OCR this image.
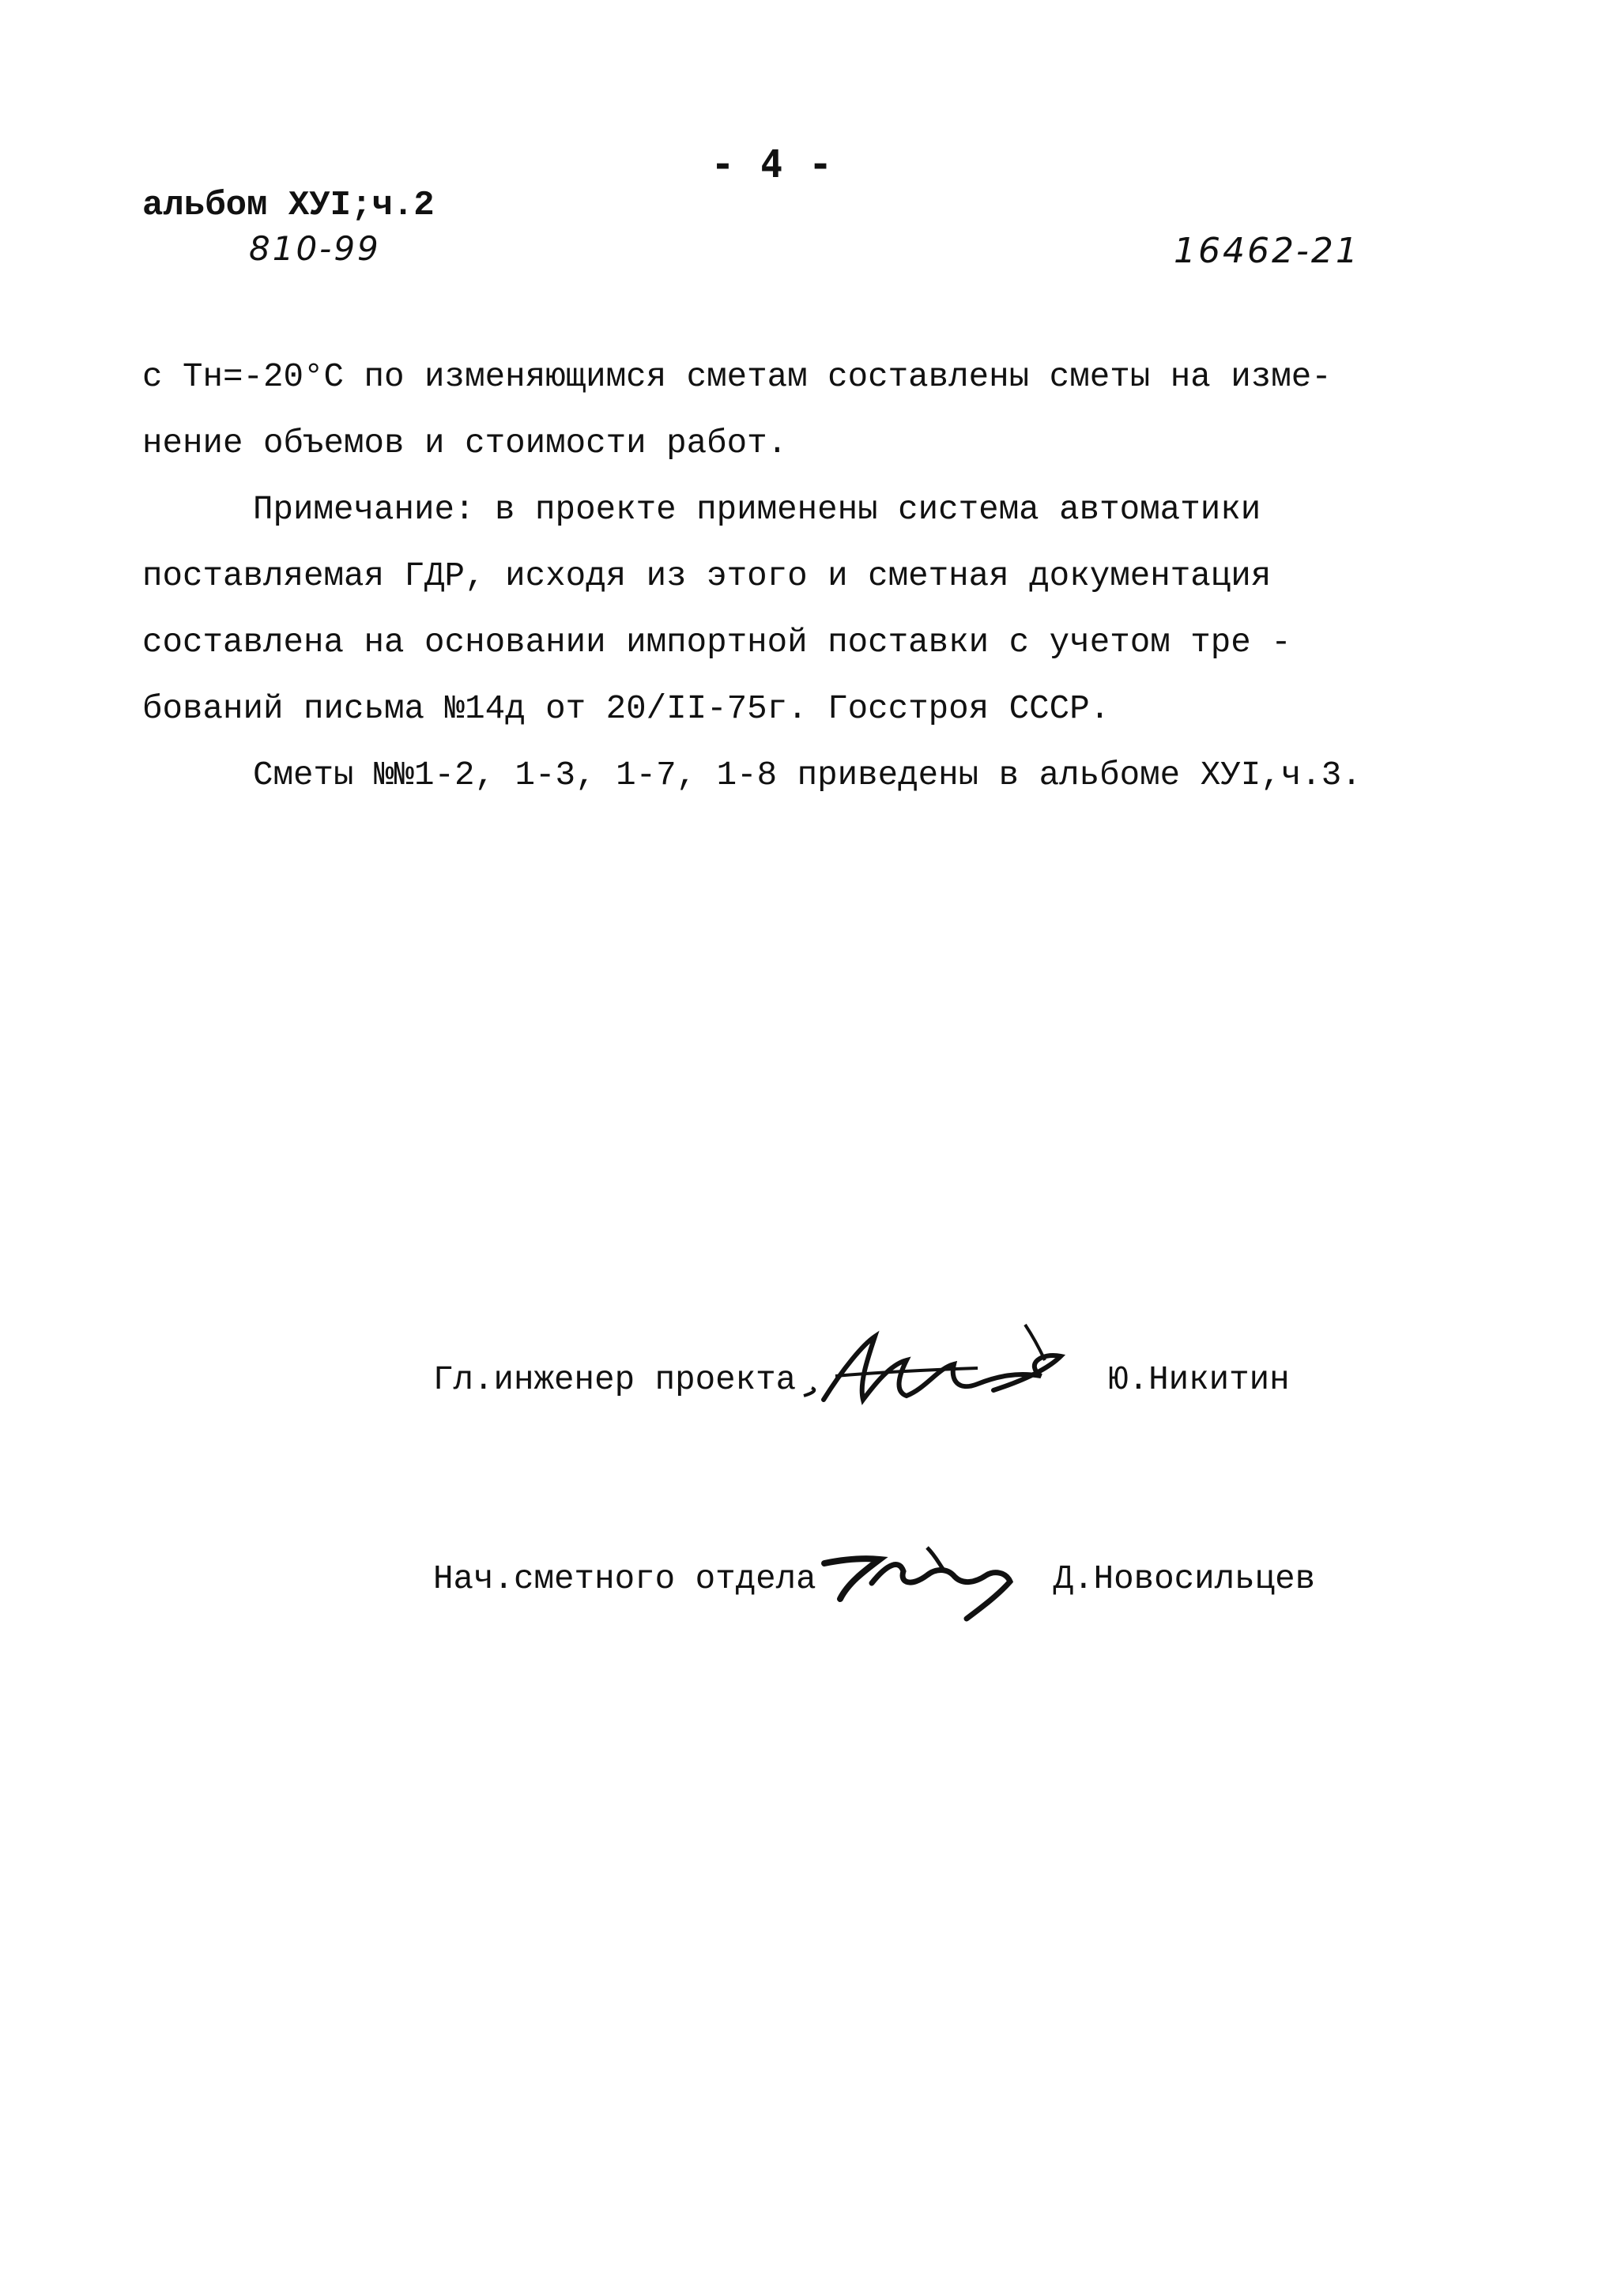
- 4 -
альбом ХУI;ч.2
810-99	16462-21

с Тн=-20°С по изменяющимся сметам составлены сметы на изме-

нение объемов и стоимости работ.

Примечание: в проекте применены система автоматики

поставляемая ГДР, исходя из этого и сметная документация

составлена на основании импортной поставки с учетом тре -

бований письма №14д от 20/II-75г. Госстроя СССР.

Сметы №№1-2, 1-3, 1-7, 1-8 приведены в альбоме ХУI,ч.3.

Гл.инженер проекта	Ю.Никитин

Нач.сметного отдела	Д.Новосильцев
